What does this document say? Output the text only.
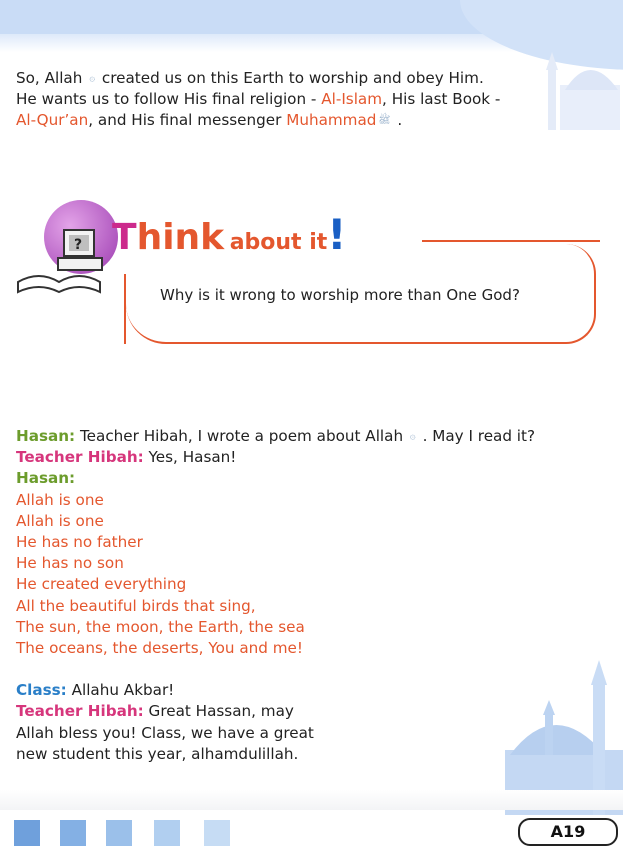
So, Allah ۞ created us on this Earth to worship and obey Him.

He wants us to follow His final religion - Al-Islam, His last Book -

Al-Qur’an, and His final messenger Muhammad ﷺ .

? Think about it!
Why is it wrong to worship more than One God?
Hasan: Teacher Hibah, I wrote a poem about Allah ۞ . May I read it?
Teacher Hibah: Yes, Hasan!
Hasan:
Allah is one
Allah is one
He has no father
He has no son
He created everything
All the beautiful birds that sing,
The sun, the moon, the Earth, the sea
The oceans, the deserts, You and me!
Class: Allahu Akbar!
Teacher Hibah: Great Hassan, may
Allah bless you! Class, we have a great
new student this year, alhamdulillah.
A19
